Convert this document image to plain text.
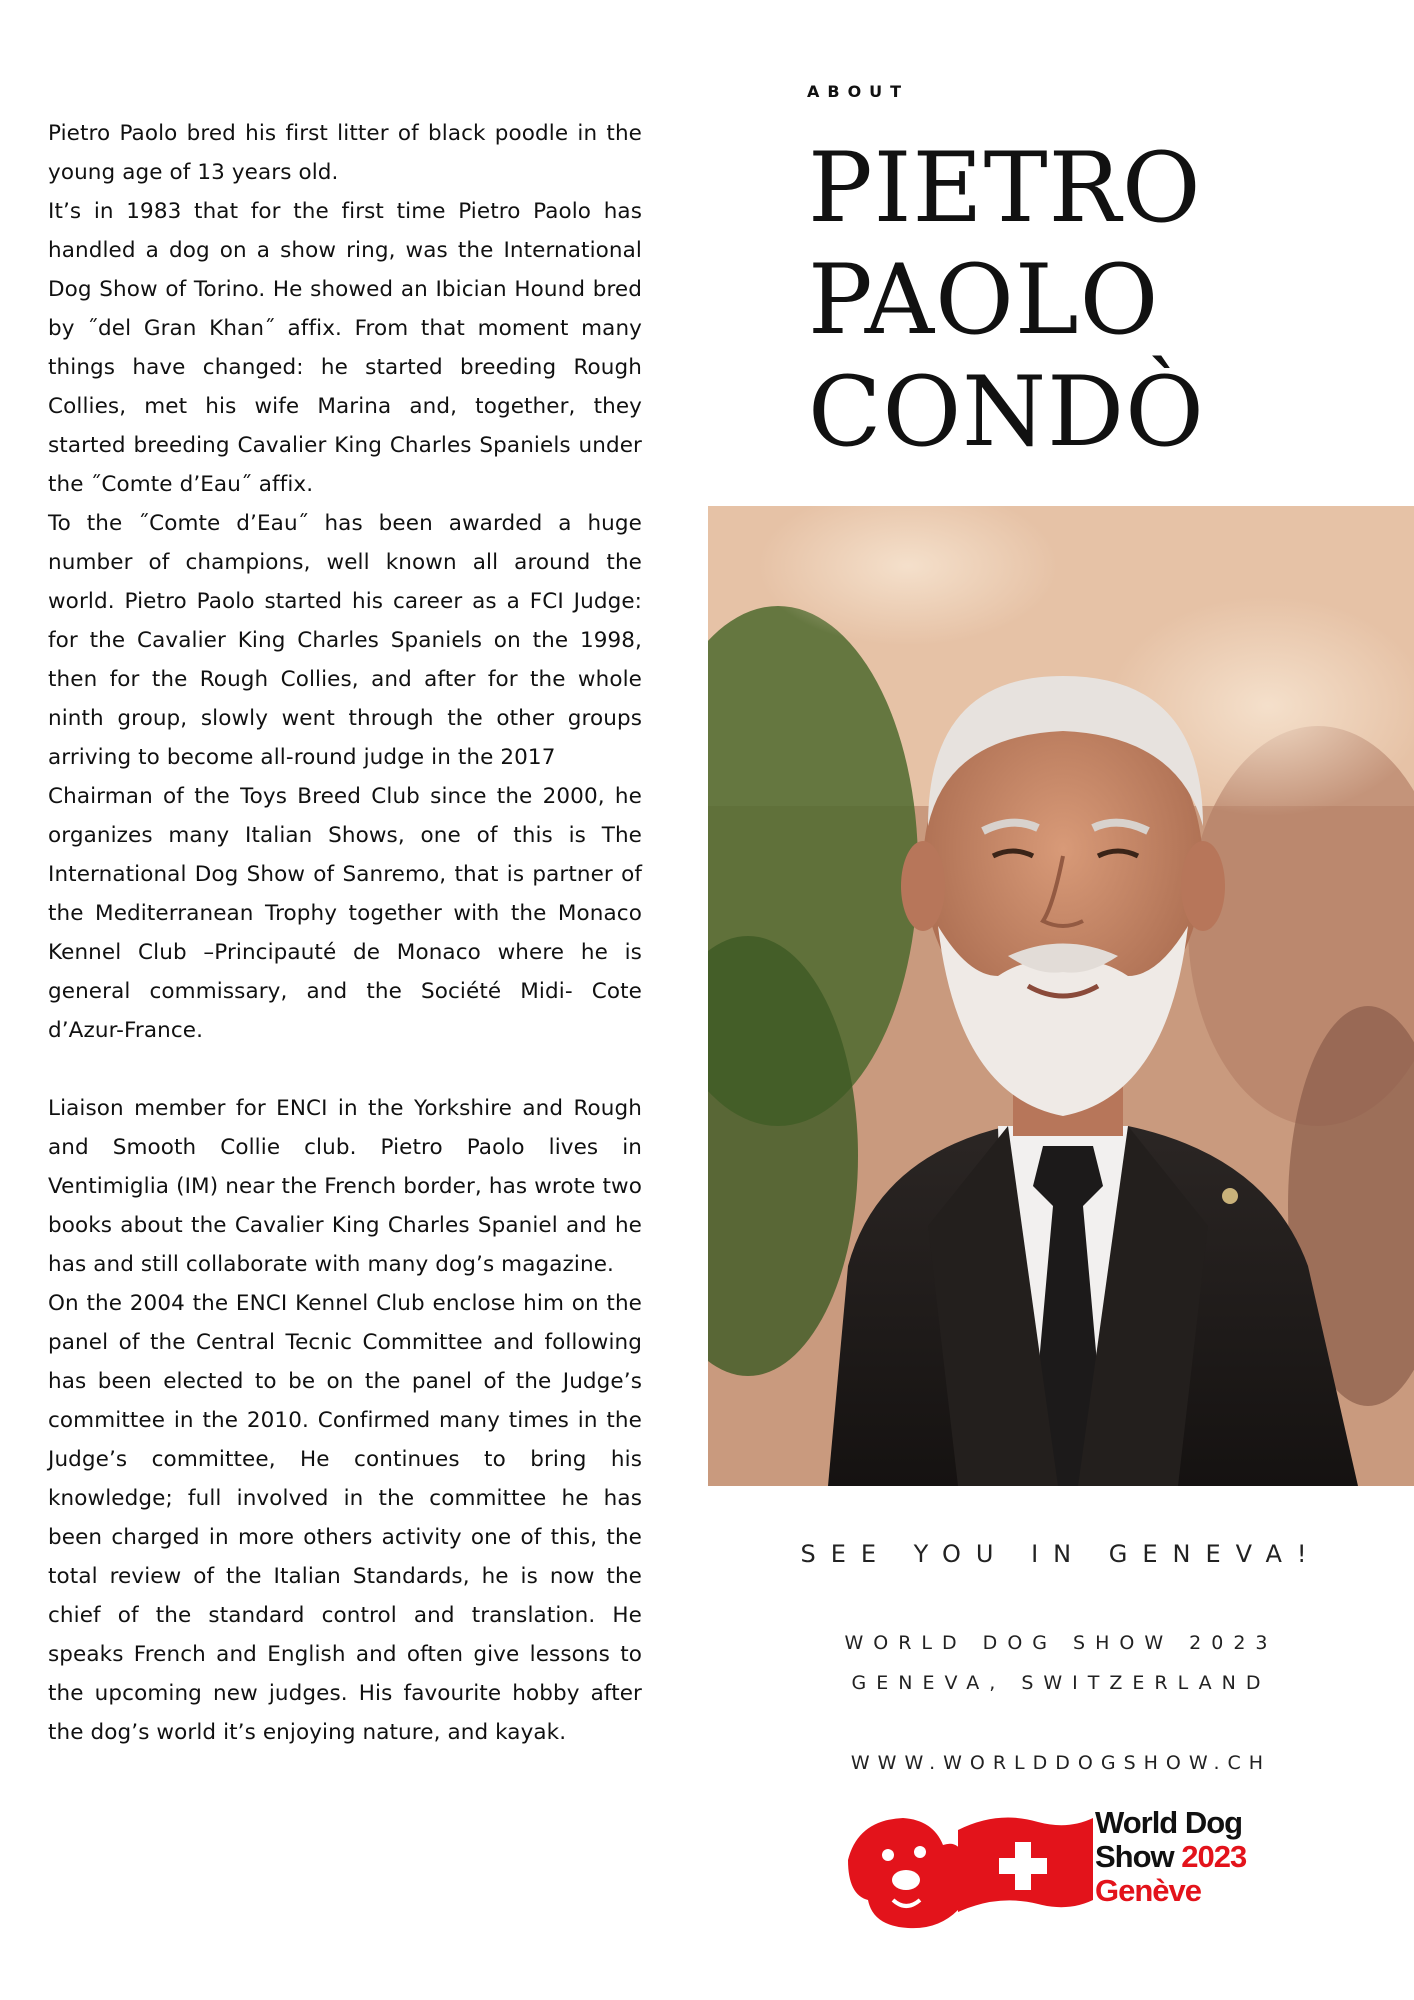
Pietro Paolo bred his first litter of black poodle in the young age of 13 years old.

It’s in 1983 that for the first time Pietro Paolo has handled a dog on a show ring, was the International Dog Show of Torino. He showed an Ibician Hound bred by ˝del Gran Khan˝ affix. From that moment many things have changed: he started breeding Rough Collies, met his wife Marina and, together, they started breeding Cavalier King Charles Spaniels under the ˝Comte d’Eau˝ affix.

To the ˝Comte d’Eau˝ has been awarded a huge number of champions, well known all around the world. Pietro Paolo started his career as a FCI Judge: for the Cavalier King Charles Spaniels on the 1998, then for the Rough Collies, and after for the whole ninth group, slowly went through the other groups arriving to become all-round judge in the 2017

Chairman of the Toys Breed Club since the 2000, he organizes many Italian Shows, one of this is The International Dog Show of Sanremo, that is partner of the Mediterranean Trophy together with the Monaco Kennel Club –Principauté de Monaco where he is general commissary, and the Société Midi- Cote d’Azur-France.

Liaison member for ENCI in the Yorkshire and Rough and Smooth Collie club. Pietro Paolo lives in Ventimiglia (IM) near the French border, has wrote two books about the Cavalier King Charles Spaniel and he has and still collaborate with many dog’s magazine.

On the 2004 the ENCI Kennel Club enclose him on the panel of the Central Tecnic Committee and following has been elected to be on the panel of the Judge’s committee in the 2010. Confirmed many times in the Judge’s committee, He continues to bring his knowledge; full involved in the committee he has been charged in more others activity one of this, the total review of the Italian Standards, he is now the chief of the standard control and translation. He speaks French and English and often give lessons to the upcoming new judges. His favourite hobby after the dog’s world it’s enjoying nature, and kayak.

ABOUT
PIETRO
PAOLO
CONDÒ
SEE YOU IN GENEVA!
WORLD DOG SHOW 2023
GENEVA, SWITZERLAND
WWW.WORLDDOGSHOW.CH
World Dog
Show 2023
Genève
